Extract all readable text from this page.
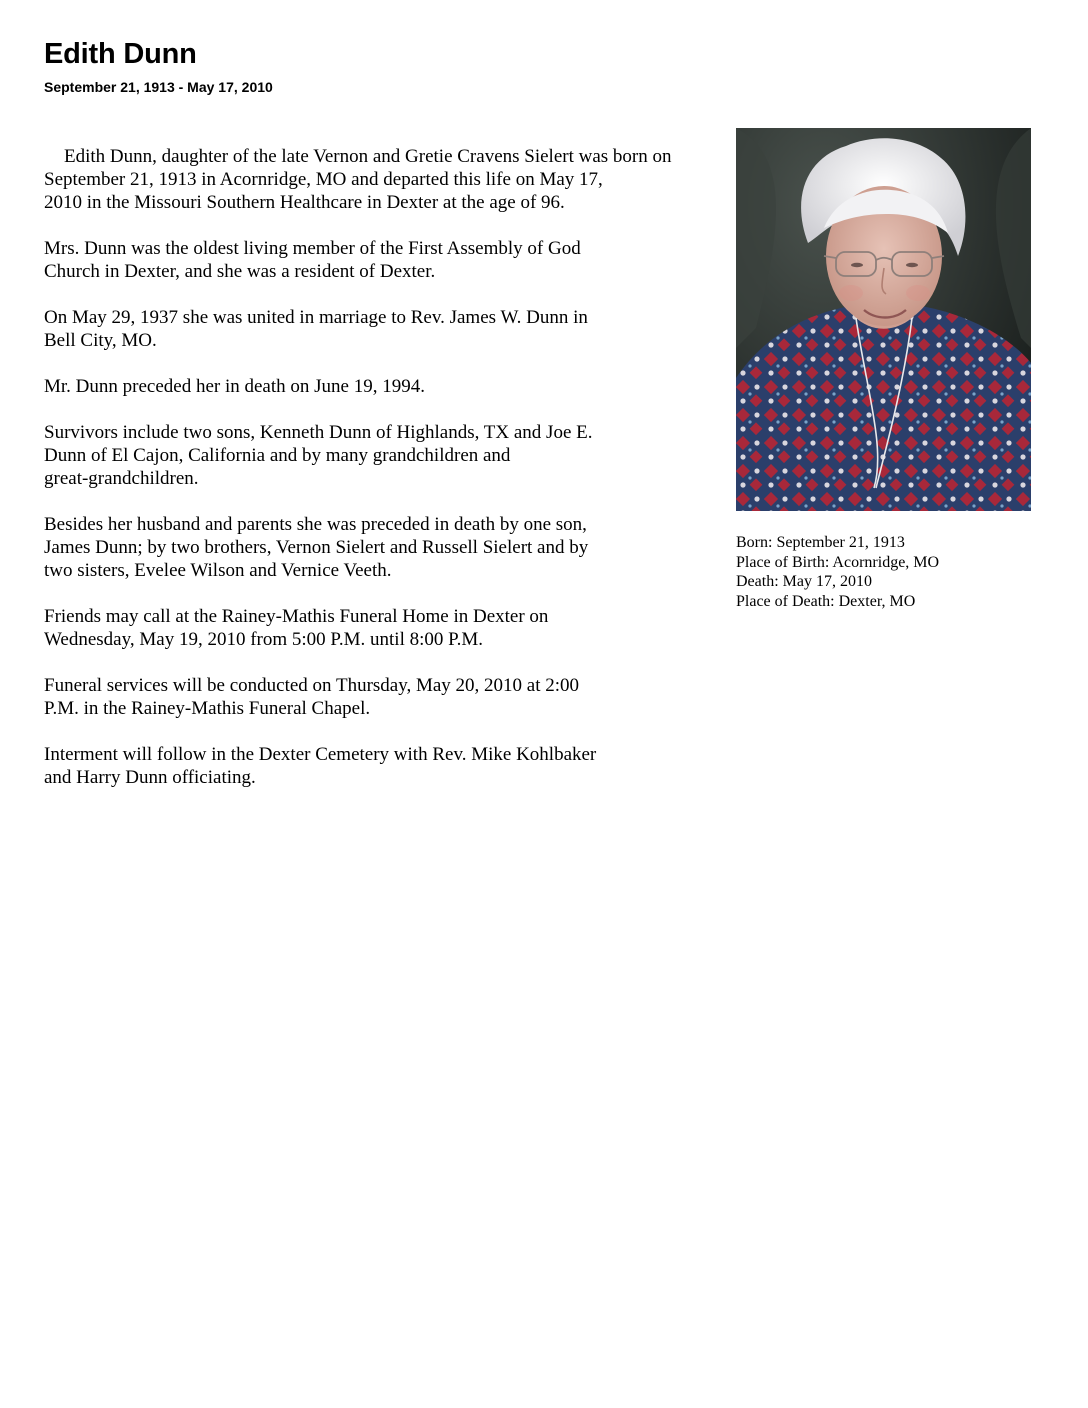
Edith Dunn
September 21, 1913 - May 17, 2010

Edith Dunn, daughter of the late Vernon and Gretie Cravens Sielert was born on
September 21, 1913 in Acornridge, MO and departed this life on May 17,
2010 in the Missouri Southern Healthcare in Dexter at the age of 96.

Mrs. Dunn was the oldest living member of the First Assembly of God
Church in Dexter, and she was a resident of Dexter.

On May 29, 1937 she was united in marriage to Rev. James W. Dunn in
Bell City, MO.

Mr. Dunn preceded her in death on June 19, 1994.

Survivors include two sons, Kenneth Dunn of Highlands, TX and Joe E.
Dunn of El Cajon, California and by many grandchildren and
great-grandchildren.

Besides her husband and parents she was preceded in death by one son,
James Dunn; by two brothers, Vernon Sielert and Russell Sielert and by
two sisters, Evelee Wilson and Vernice Veeth.

Friends may call at the Rainey-Mathis Funeral Home in Dexter on
Wednesday, May 19, 2010 from 5:00 P.M. until 8:00 P.M.

Funeral services will be conducted on Thursday, May 20, 2010 at 2:00
P.M. in the Rainey-Mathis Funeral Chapel.

Interment will follow in the Dexter Cemetery with Rev. Mike Kohlbaker
and Harry Dunn officiating.

Born: September 21, 1913
Place of Birth: Acornridge, MO
Death: May 17, 2010
Place of Death: Dexter, MO
